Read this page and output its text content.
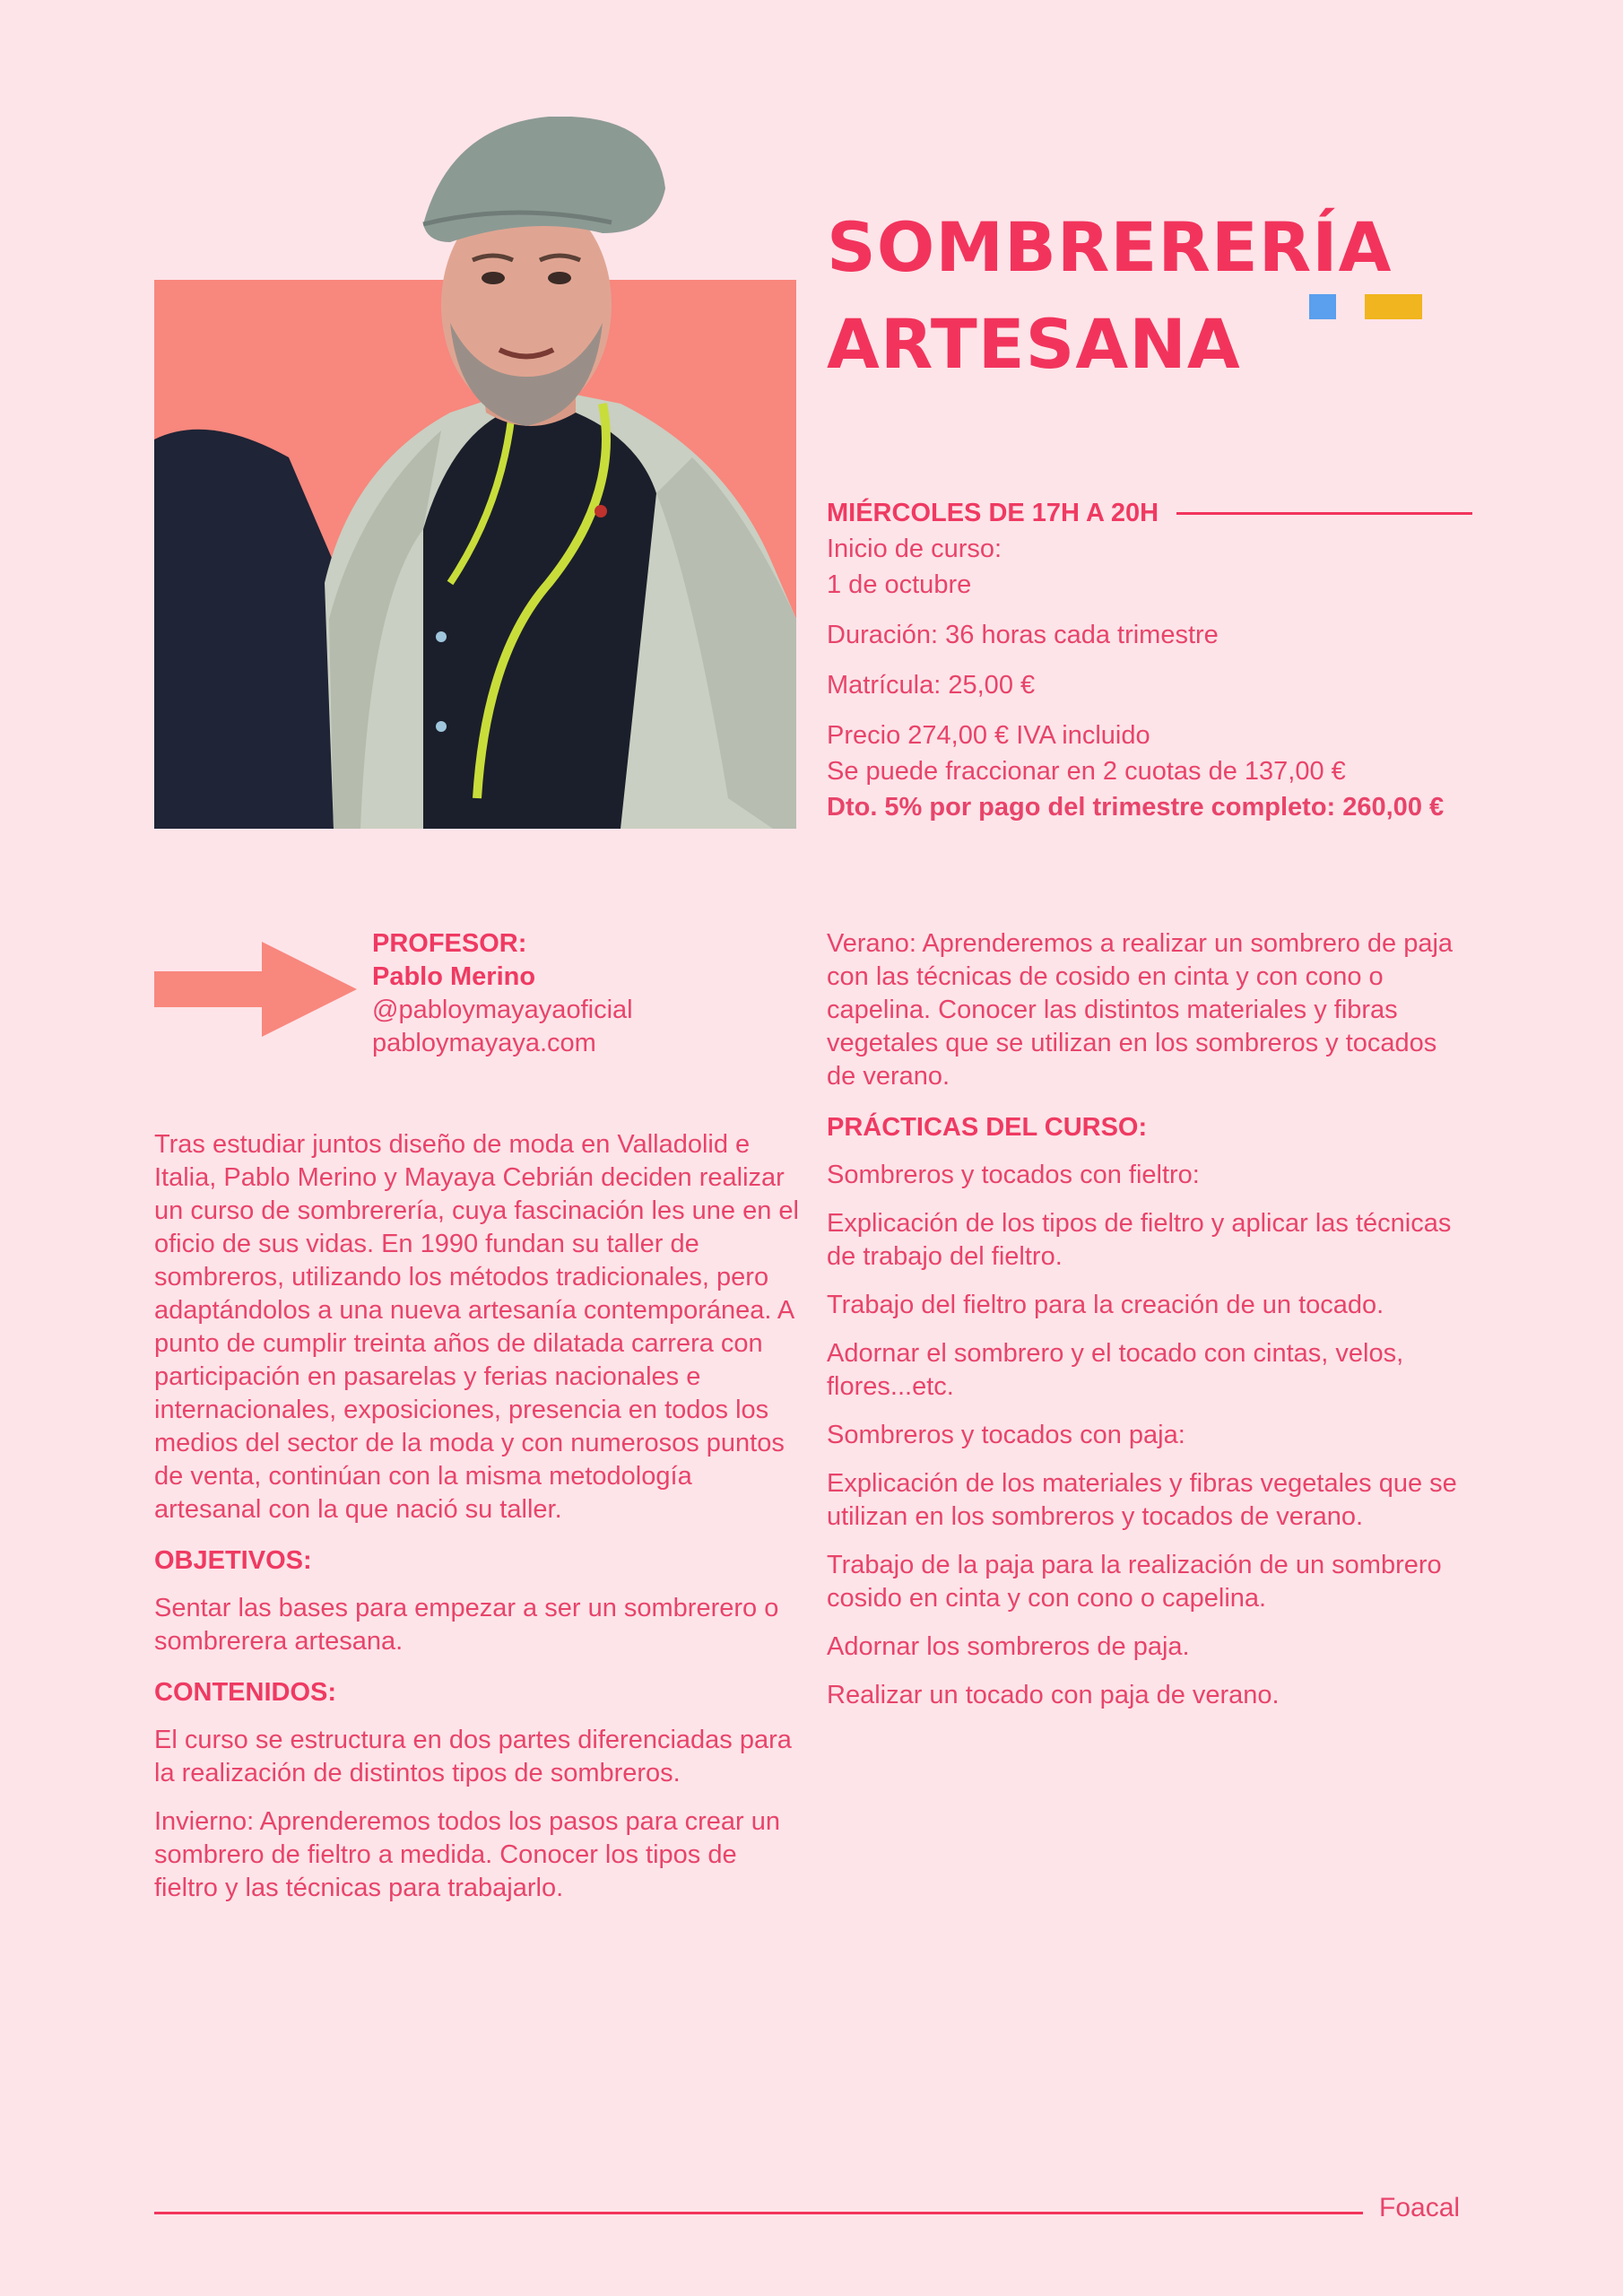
SOMBRERERÍA
ARTESANA
MIÉRCOLES DE 17H A 20H

Inicio de curso:
1 de octubre

Duración: 36 horas cada trimestre

Matrícula: 25,00 €

Precio 274,00 € IVA incluido
Se puede fraccionar en 2 cuotas de 137,00 €
Dto. 5% por pago del trimestre completo: 260,00 €

PROFESOR:
Pablo Merino
@pabloymayayaoficial
pabloymayaya.com

Tras estudiar juntos diseño de moda en Valladolid e Italia, Pablo Merino y Mayaya Cebrián deciden realizar un curso de sombrerería, cuya fascinación les une en el oficio de sus vidas. En 1990 fundan su taller de sombreros, utilizando los métodos tradicionales, pero adaptándolos a una nueva artesanía contemporánea. A punto de cumplir treinta años de dilatada carrera con participación en pasarelas y ferias nacionales e internacionales, exposiciones, presencia en todos los medios del sector de la moda y con numerosos puntos de venta, continúan con la misma metodología artesanal con la que nació su taller.

OBJETIVOS:

Sentar las bases para empezar a ser un sombrerero o sombrerera artesana.

CONTENIDOS:

El curso se estructura en dos partes diferenciadas para la realización de distintos tipos de sombreros.

Invierno: Aprenderemos todos los pasos para crear un sombrero de fieltro a medida. Conocer los tipos de fieltro y las técnicas para trabajarlo.

Verano: Aprenderemos a realizar un sombrero de paja con las técnicas de cosido en cinta y con cono o capelina. Conocer las distintos materiales y fibras vegetales que se utilizan en los sombreros y tocados de verano.

PRÁCTICAS DEL CURSO:

Sombreros y tocados con fieltro:

Explicación de los tipos de fieltro y aplicar las técnicas de trabajo del fieltro.

Trabajo del fieltro para la creación de un tocado.

Adornar el sombrero y el tocado con cintas, velos, flores...etc.

Sombreros y tocados con paja:

Explicación de los materiales y fibras vegetales que se utilizan en los sombreros y tocados de verano.

Trabajo de la paja para la realización de un sombrero cosido en cinta y con cono o capelina.

Adornar los sombreros de paja.

Realizar un tocado con paja de verano.

Foacal
